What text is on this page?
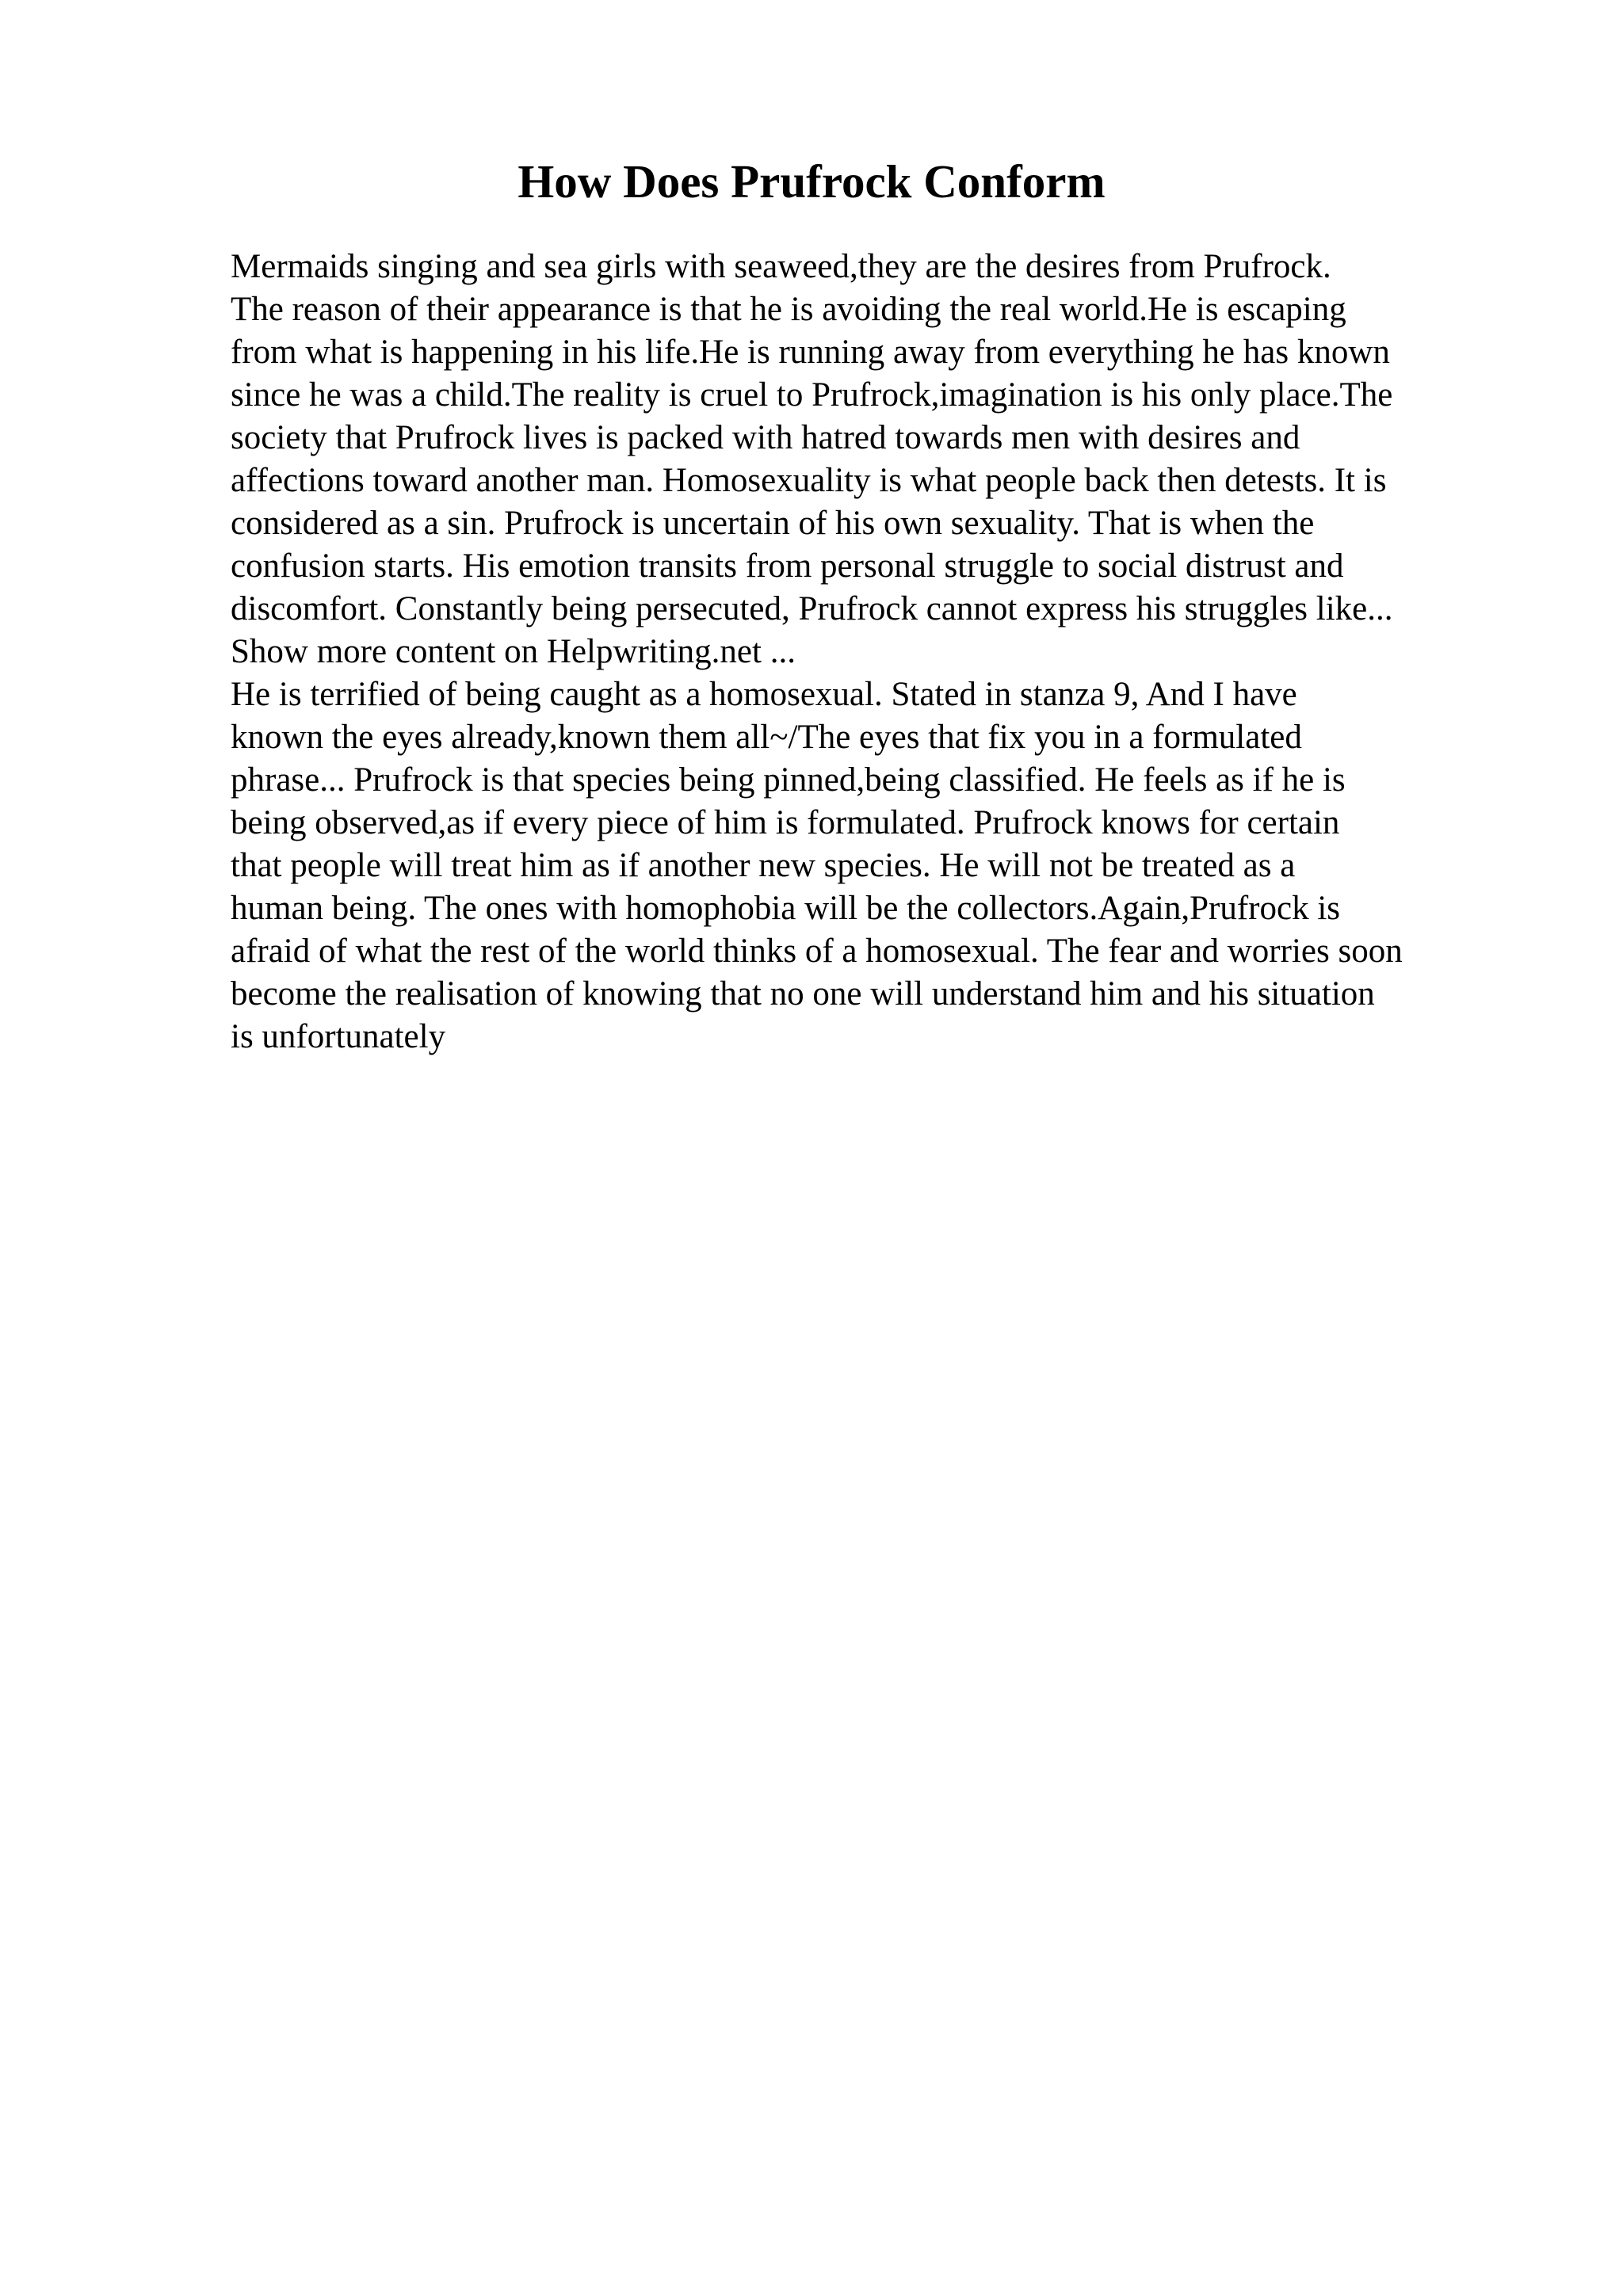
How Does Prufrock Conform
Mermaids singing and sea girls with seaweed,they are the desires from Prufrock.
The reason of their appearance is that he is avoiding the real world.He is escaping
from what is happening in his life.He is running away from everything he has known
since he was a child.The reality is cruel to Prufrock,imagination is his only place.The
society that Prufrock lives is packed with hatred towards men with desires and
affections toward another man. Homosexuality is what people back then detests. It is
considered as a sin. Prufrock is uncertain of his own sexuality. That is when the
confusion starts. His emotion transits from personal struggle to social distrust and
discomfort. Constantly being persecuted, Prufrock cannot express his struggles like...
Show more content on Helpwriting.net ...
He is terrified of being caught as a homosexual. Stated in stanza 9, And I have
known the eyes already,known them all~/The eyes that fix you in a formulated
phrase... Prufrock is that species being pinned,being classified. He feels as if he is
being observed,as if every piece of him is formulated. Prufrock knows for certain
that people will treat him as if another new species. He will not be treated as a
human being. The ones with homophobia will be the collectors.Again,Prufrock is
afraid of what the rest of the world thinks of a homosexual. The fear and worries soon
become the realisation of knowing that no one will understand him and his situation
is unfortunately
